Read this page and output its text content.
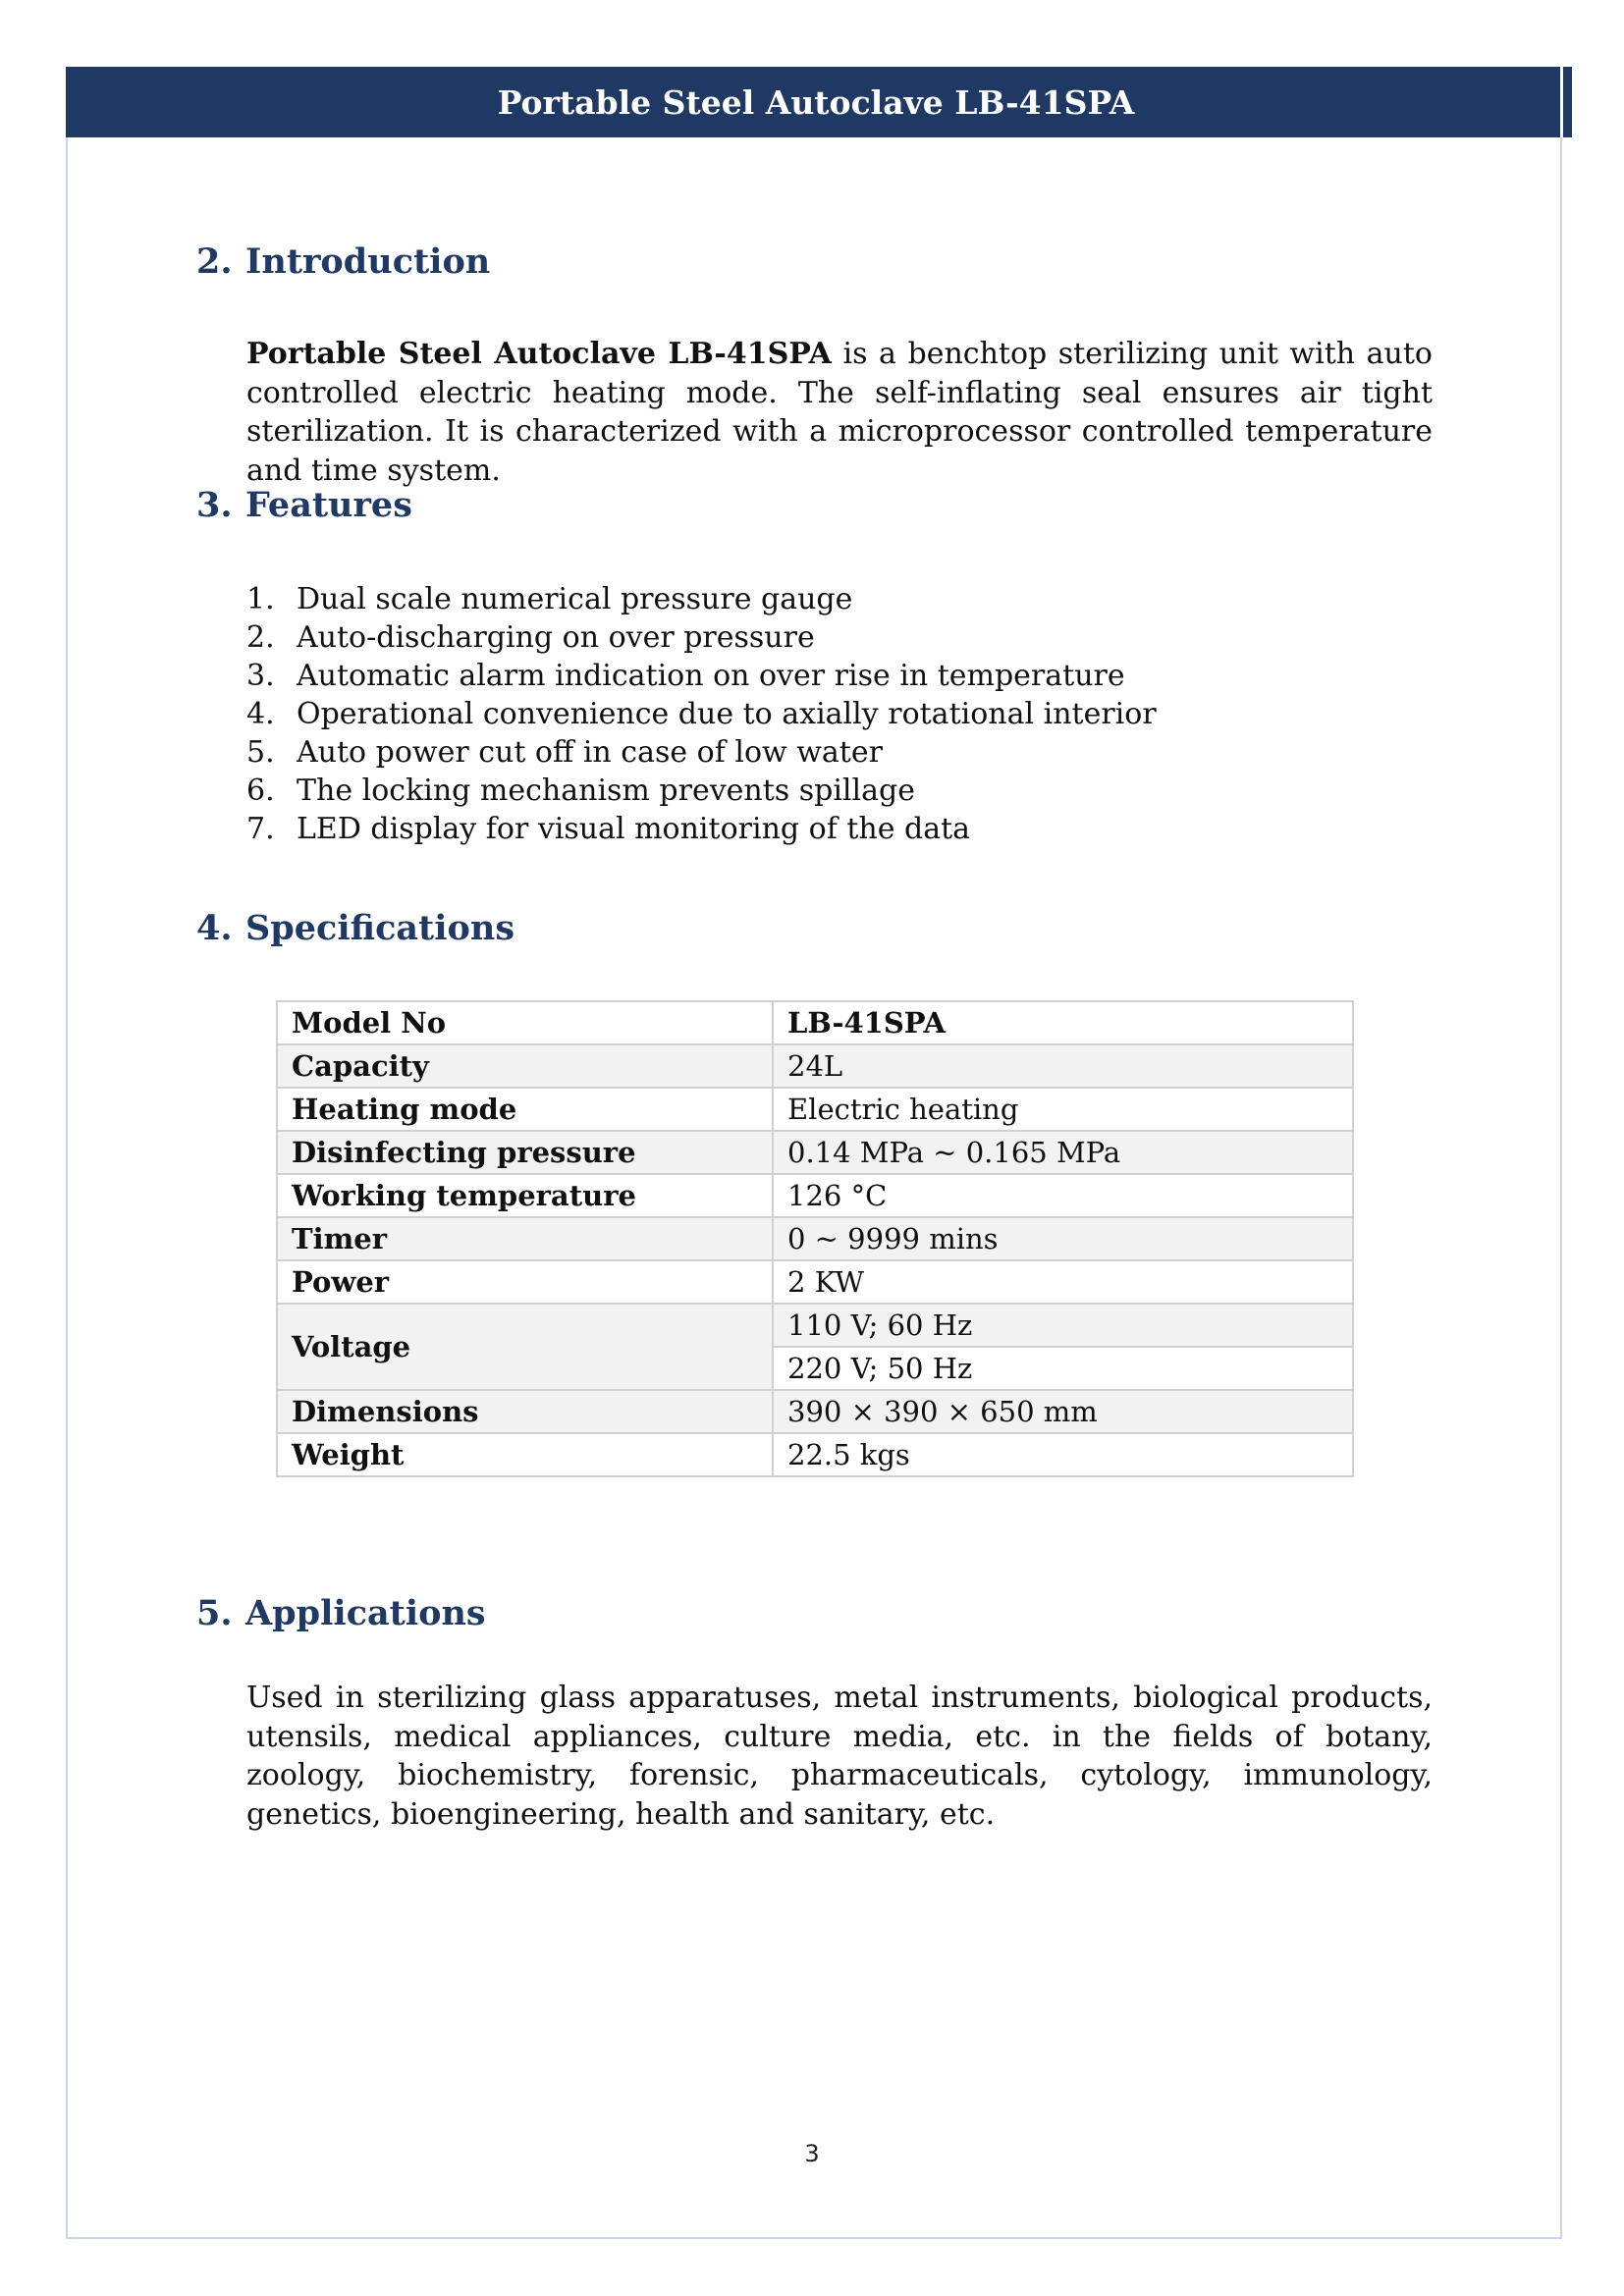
Portable Steel Autoclave LB-41SPA
2. Introduction
Portable Steel Autoclave LB-41SPA is a benchtop sterilizing unit with auto controlled electric heating mode. The self-inflating seal ensures air tight sterilization. It is characterized with a microprocessor controlled temperature and time system.
3. Features
1. Dual scale numerical pressure gauge
2. Auto-discharging on over pressure
3. Automatic alarm indication on over rise in temperature
4. Operational convenience due to axially rotational interior
5. Auto power cut off in case of low water
6. The locking mechanism prevents spillage
7. LED display for visual monitoring of the data
4. Specifications
Model No	LB-41SPA
Capacity	24L
Heating mode	Electric heating
Disinfecting pressure	0.14 MPa ~ 0.165 MPa
Working temperature	126 °C
Timer	0 ~ 9999 mins
Power	2 KW
Voltage	110 V; 60 Hz
	220 V; 50 Hz
Dimensions	390 × 390 × 650 mm
Weight	22.5 kgs
5. Applications
Used in sterilizing glass apparatuses, metal instruments, biological products, utensils, medical appliances, culture media, etc. in the fields of botany, zoology, biochemistry, forensic, pharmaceuticals, cytology, immunology, genetics, bioengineering, health and sanitary, etc.
3
